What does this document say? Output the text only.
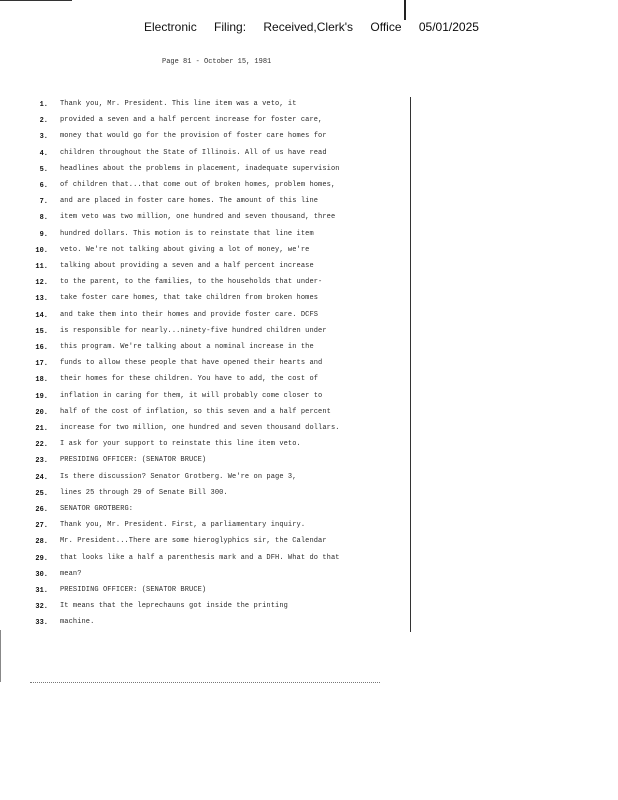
Electronic Filing: Received,Clerk's Office 05/01/2025
Page 81 - October 15, 1981
1. Thank you, Mr. President. This line item was a veto, it
2. provided a seven and a half percent increase for foster care,
3. money that would go for the provision of foster care homes for
4. children throughout the State of Illinois. All of us have read
5. headlines about the problems in placement, inadequate supervision
6. of children that...that come out of broken homes, problem homes,
7. and are placed in foster care homes. The amount of this line
8. item veto was two million, one hundred and seven thousand, three
9. hundred dollars. This motion is to reinstate that line item
10. veto. We're not talking about giving a lot of money, we're
11. talking about providing a seven and a half percent increase
12. to the parent, to the families, to the households that under-
13. take foster care homes, that take children from broken homes
14. and take them into their homes and provide foster care. DCFS
15. is responsible for nearly...ninety-five hundred children under
16. this program. We're talking about a nominal increase in the
17. funds to allow these people that have opened their hearts and
18. their homes for these children. You have to add, the cost of
19. inflation in caring for them, it will probably come closer to
20. half of the cost of inflation, so this seven and a half percent
21. increase for two million, one hundred and seven thousand dollars.
22. I ask for your support to reinstate this line item veto.
23. PRESIDING OFFICER: (SENATOR BRUCE)
24. Is there discussion? Senator Grotberg. We're on page 3,
25. lines 25 through 29 of Senate Bill 300.
26. SENATOR GROTBERG:
27. Thank you, Mr. President. First, a parliamentary inquiry.
28. Mr. President...There are some hieroglyphics sir, the Calendar
29. that looks like a half a parenthesis mark and a DFH. What do that
30. mean?
31. PRESIDING OFFICER: (SENATOR BRUCE)
32. It means that the leprechauns got inside the printing
33. machine.
